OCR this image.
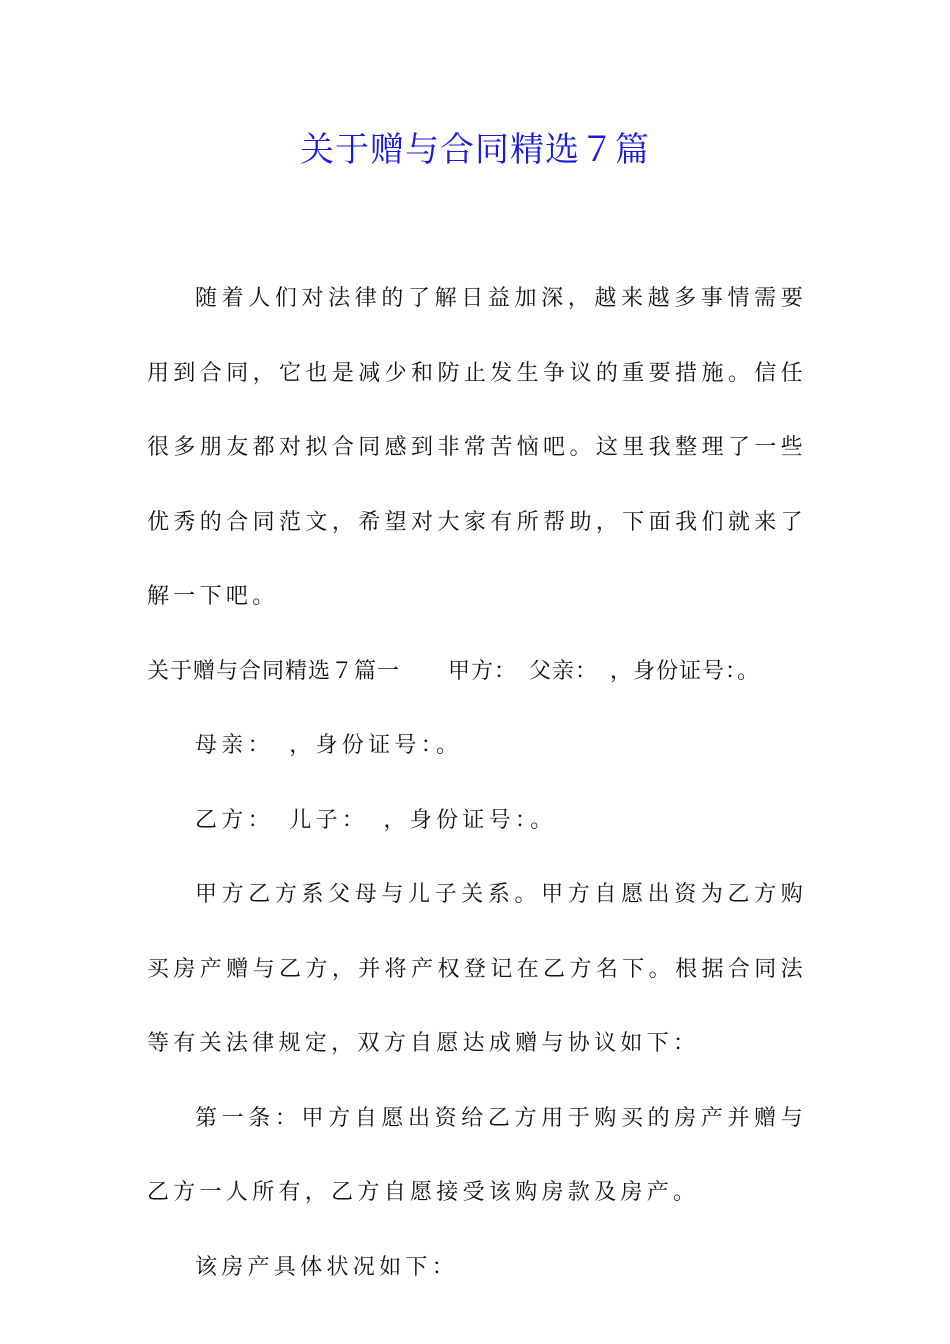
关于赠与合同精选７篇

随着人们对法律的了解日益加深，越来越多事情需要用到合同，它也是减少和防止发生争议的重要措施。信任很多朋友都对拟合同感到非常苦恼吧。这里我整理了一些优秀的合同范文，希望对大家有所帮助，下面我们就来了解一下吧。

关于赠与合同精选７篇一 甲方：　父亲：　，身份证号：。

母亲：　，身份证号：。

乙方：　儿子：　，身份证号：。

甲方乙方系父母与儿子关系。甲方自愿出资为乙方购买房产赠与乙方，并将产权登记在乙方名下。根据合同法等有关法律规定，双方自愿达成赠与协议如下：

第一条：甲方自愿出资给乙方用于购买的房产并赠与乙方一人所有，乙方自愿接受该购房款及房产。

该房产具体状况如下：
